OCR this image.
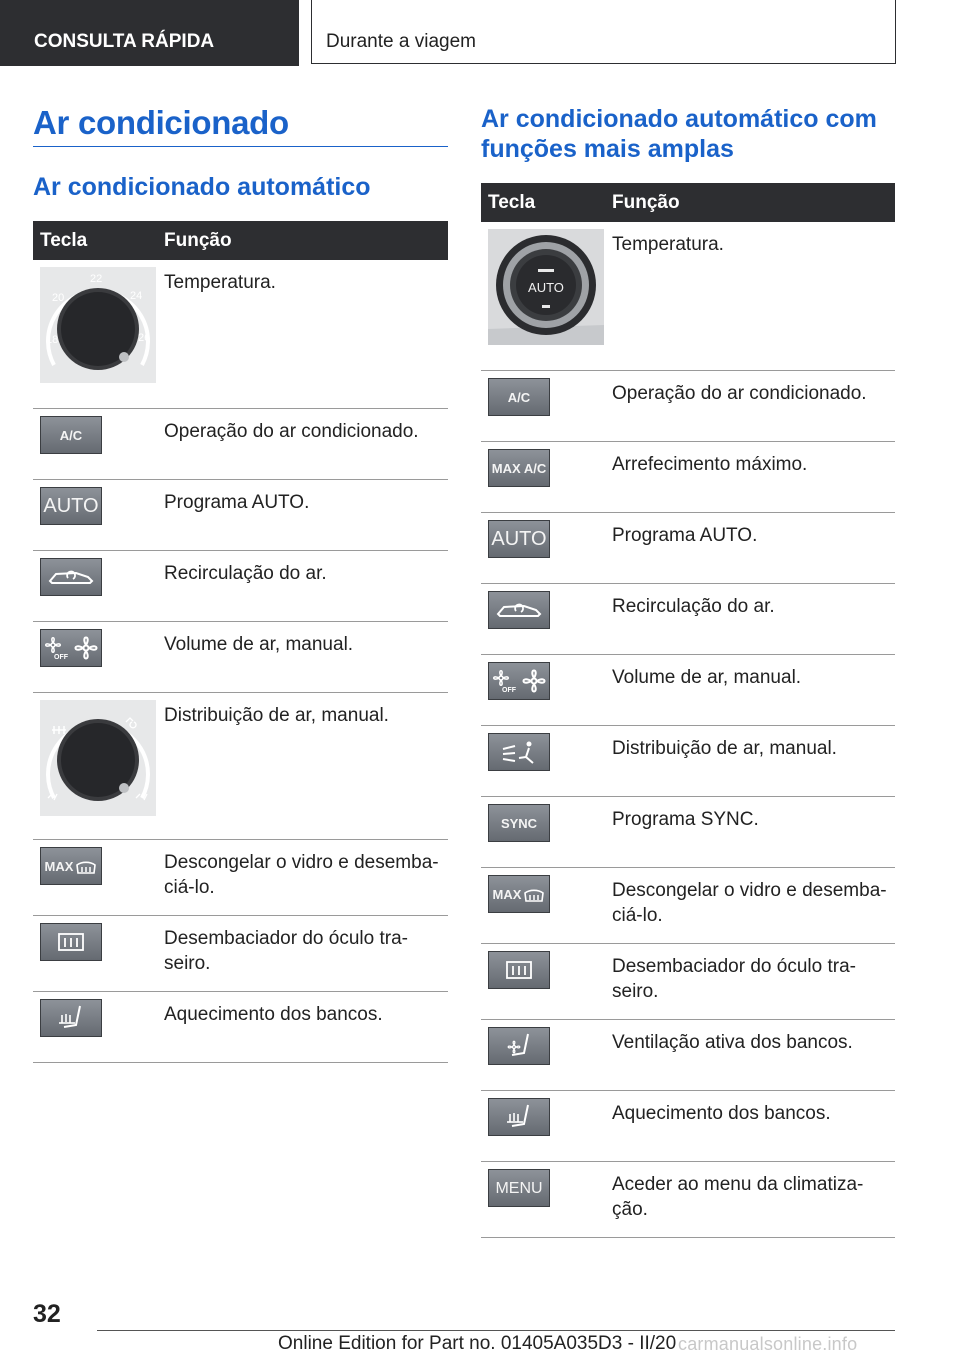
CONSULTA RÁPIDA	Durante a viagem
Ar condicionado
Ar condicionado automático
Tecla	Função

18
20
22
24
26	Temperatura.

A/C	Operação do ar condicionado.

AUTO	Programa AUTO.

	Recirculação do ar.

OFF	Volume de ar, manual.

	Distribuição de ar, manual.

MAX	Descongelar o vidro e desemba-
ciá-lo.

	Desembaciador do óculo tra-
seiro.

	Aquecimento dos bancos.
Ar condicionado automático com funções mais amplas
Tecla	Função

AUTO	Temperatura.

A/C	Operação do ar condicionado.

MAX A/C	Arrefecimento máximo.

AUTO	Programa AUTO.

	Recirculação do ar.

OFF	Volume de ar, manual.

	Distribuição de ar, manual.

SYNC	Programa SYNC.

MAX	Descongelar o vidro e desemba-
ciá-lo.

	Desembaciador do óculo tra-
seiro.

	Ventilação ativa dos bancos.

	Aquecimento dos bancos.

MENU	Aceder ao menu da climatiza-
ção.
32
Online Edition for Part no. 01405A035D3 - II/20 carmanualsonline.info
